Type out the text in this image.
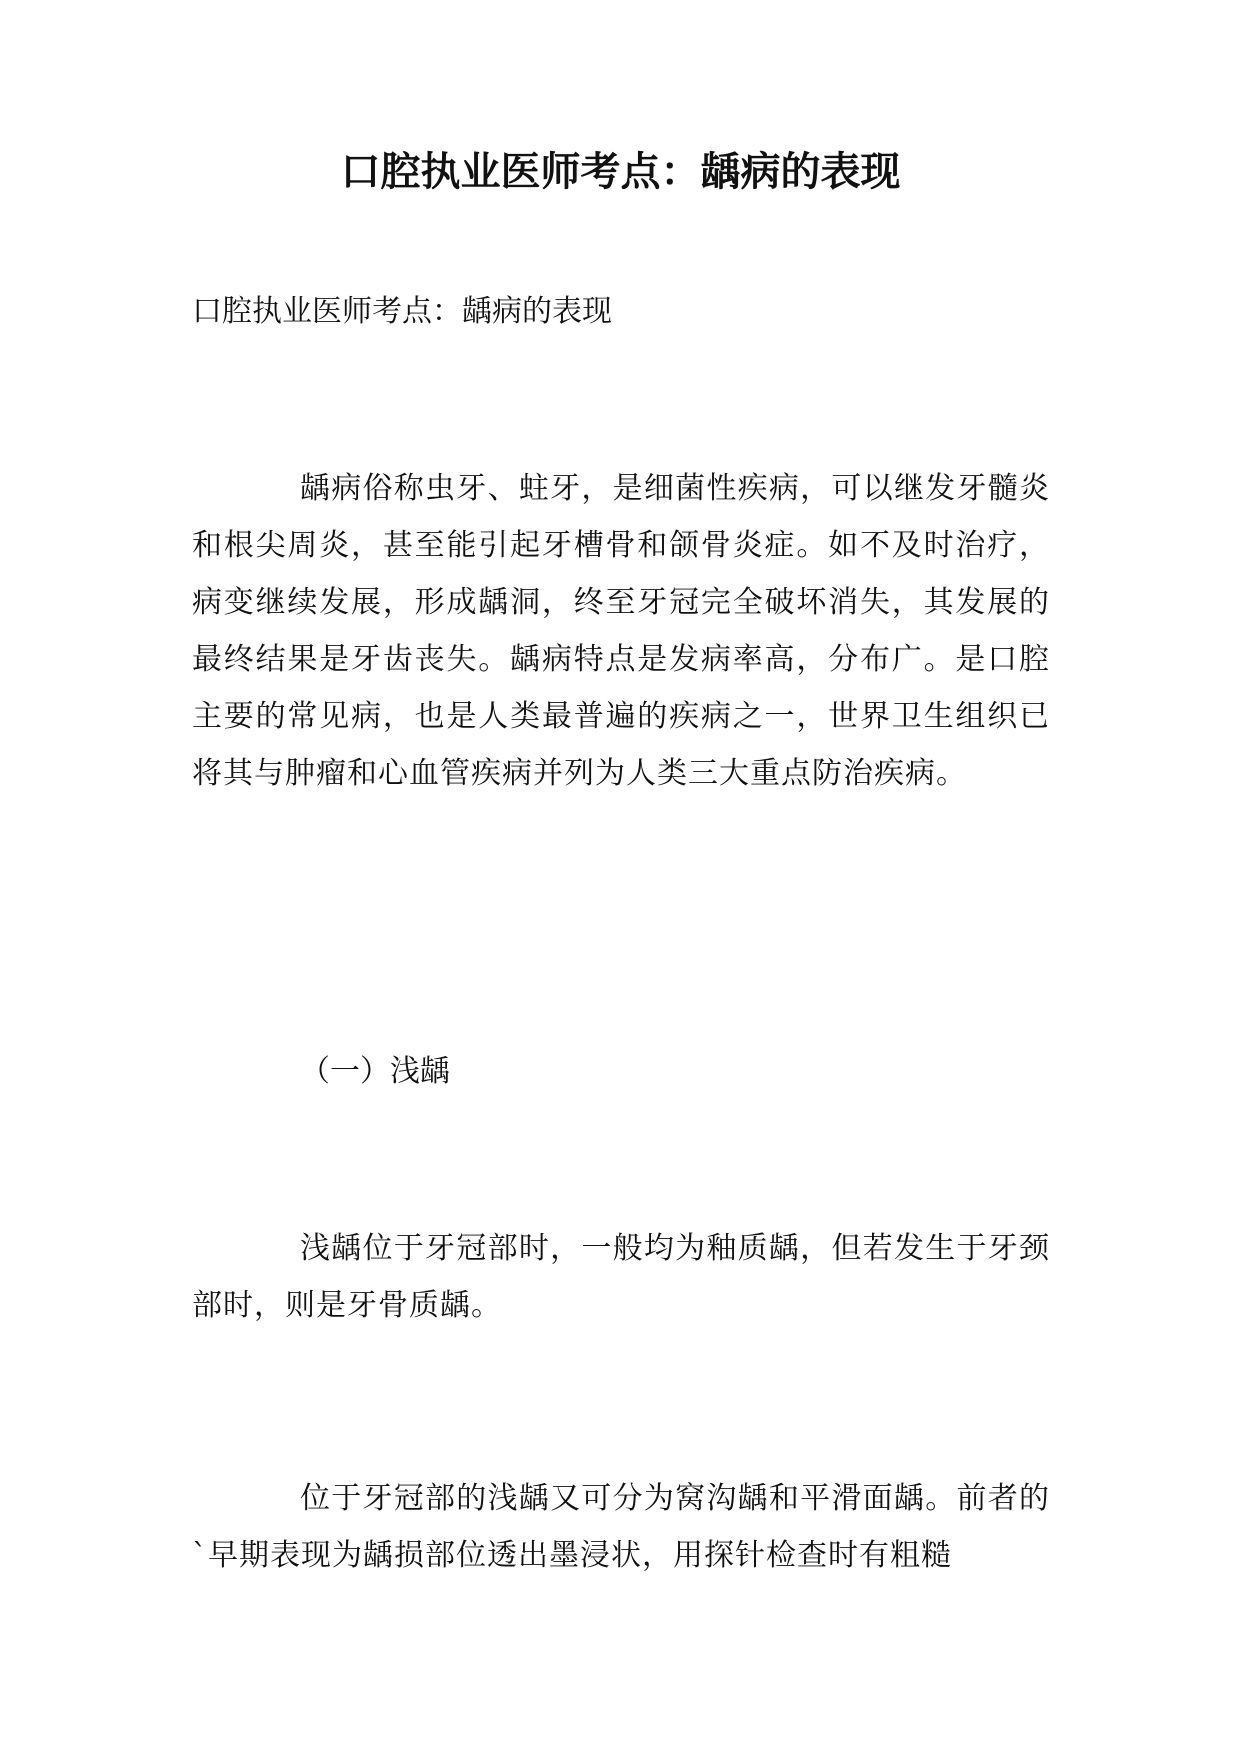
口腔执业医师考点：龋病的表现

口腔执业医师考点：龋病的表现

龋病俗称虫牙、蛀牙，是细菌性疾病，可以继发牙髓炎和根尖周炎，甚至能引起牙槽骨和颌骨炎症。如不及时治疗，病变继续发展，形成龋洞，终至牙冠完全破坏消失，其发展的最终结果是牙齿丧失。龋病特点是发病率高，分布广。是口腔主要的常见病，也是人类最普遍的疾病之一，世界卫生组织已将其与肿瘤和心血管疾病并列为人类三大重点防治疾病。

（一）浅龋

浅龋位于牙冠部时，一般均为釉质龋，但若发生于牙颈部时，则是牙骨质龋。

位于牙冠部的浅龋又可分为窝沟龋和平滑面龋。前者的`早期表现为龋损部位透出墨浸状，用探针检查时有粗糙
